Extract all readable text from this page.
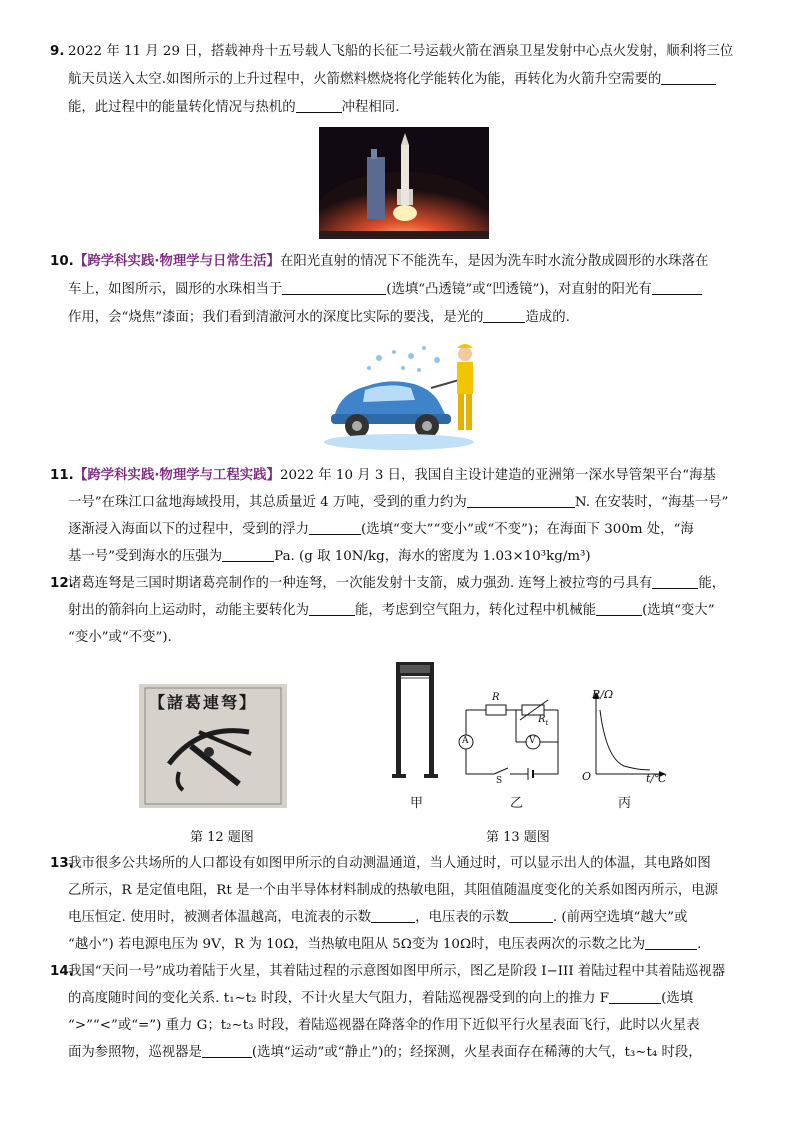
9. 2022 年 11 月 29 日，搭载神舟十五号载人飞船的长征二号运载火箭在酒泉卫星发射中心点火发射，顺利将三位
航天员送入太空.如图所示的上升过程中，火箭燃料燃烧将化学能转化为能，再转化为火箭升空需要的
能，此过程中的能量转化情况与热机的	冲程相同.
10. 【跨学科实践·物理学与日常生活】在阳光直射的情况下不能洗车，是因为洗车时水流分散成圆形的水珠落在
车上，如图所示，圆形的水珠相当于	(选填“凸透镜”或“凹透镜”)，对直射的阳光有
作用，会“烧焦”漆面；我们看到清澈河水的深度比实际的要浅，是光的	造成的.
11. 【跨学科实践·物理学与工程实践】2022 年 10 月 3 日，我国自主设计建造的亚洲第一深水导管架平台“海基
一号”在珠江口盆地海域投用，其总质量近 4 万吨，受到的重力约为	N. 在安装时，“海基一号”
逐渐浸入海面以下的过程中，受到的浮力	(选填“变大”“变小”或“不变”)；在海面下 300m 处，“海
基一号”受到海水的压强为	Pa. (g 取 10N/kg，海水的密度为 1.03×10³kg/m³)
12.
诸葛连弩是三国时期诸葛亮制作的一种连弩，一次能发射十支箭，威力强劲. 连弩上被拉弯的弓具有	能，
射出的箭斜向上运动时，动能主要转化为	能，考虑到空气阻力，转化过程中机械能	(选填“变大”
“变小”或“不变”).
【諸葛連弩】
第 12 题图
甲
R
$R_t$
A	V
S
乙
R/Ω
O	t/℃
丙
第 13 题图
13.
我市很多公共场所的人口都设有如图甲所示的自动测温通道，当人通过时，可以显示出人的体温，其电路如图
乙所示，R 是定值电阻，Rt 是一个由半导体材料制成的热敏电阻，其阻值随温度变化的关系如图丙所示，电源
电压恒定. 使用时，被测者体温越高，电流表的示数	，电压表的示数	. (前两空选填“越大”或
“越小”) 若电源电压为 9V，R 为 10Ω，当热敏电阻从 5Ω变为 10Ω时，电压表两次的示数之比为	.
14.
我国“天问一号”成功着陆于火星，其着陆过程的示意图如图甲所示，图乙是阶段 I−III 着陆过程中其着陆巡视器
的高度随时间的变化关系. t₁∼t₂ 时段，不计火星大气阻力，着陆巡视器受到的向上的推力 F	(选填
“>”“<”或“=”) 重力 G；t₂∼t₃ 时段，着陆巡视器在降落伞的作用下近似平行火星表面飞行，此时以火星表
面为参照物，巡视器是	(选填“运动”或“静止”)的；经探测，火星表面存在稀薄的大气，t₃∼t₄ 时段，
